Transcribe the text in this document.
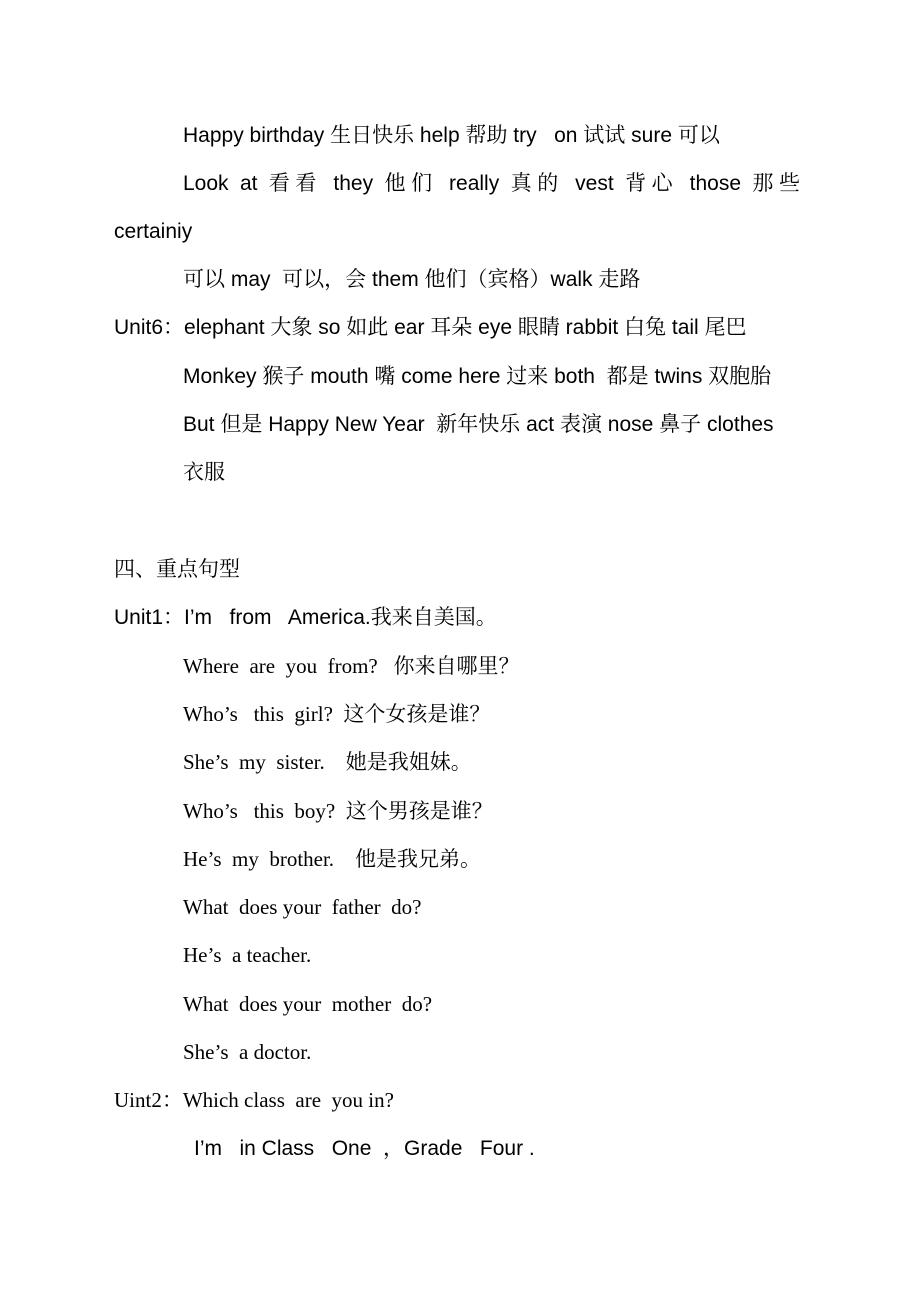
Happy birthday 生日快乐 help 帮助 try   on 试试 sure 可以
Look at 看看 they 他们 really 真的 vest 背心 those 那些
certainiy
可以 may  可以，会 them 他们（宾格）walk 走路
Unit6：elephant 大象 so 如此 ear 耳朵 eye 眼睛 rabbit 白兔 tail 尾巴
Monkey 猴子 mouth 嘴 come here 过来 both  都是 twins 双胞胎
But 但是 Happy New Year  新年快乐 act 表演 nose 鼻子 clothes
衣服
四、重点句型
Unit1：I’m   from   America.我来自美国。
Where  are  you  from?   你来自哪里？
Who’s   this  girl?  这个女孩是谁？
She’s  my  sister.    她是我姐妹。
Who’s   this  boy?  这个男孩是谁？
He’s  my  brother.    他是我兄弟。
What  does your  father  do?
He’s  a teacher.
What  does your  mother  do?
She’s  a doctor.
Uint2：Which class  are  you in?
I’m   in Class   One  ，Grade   Four .
